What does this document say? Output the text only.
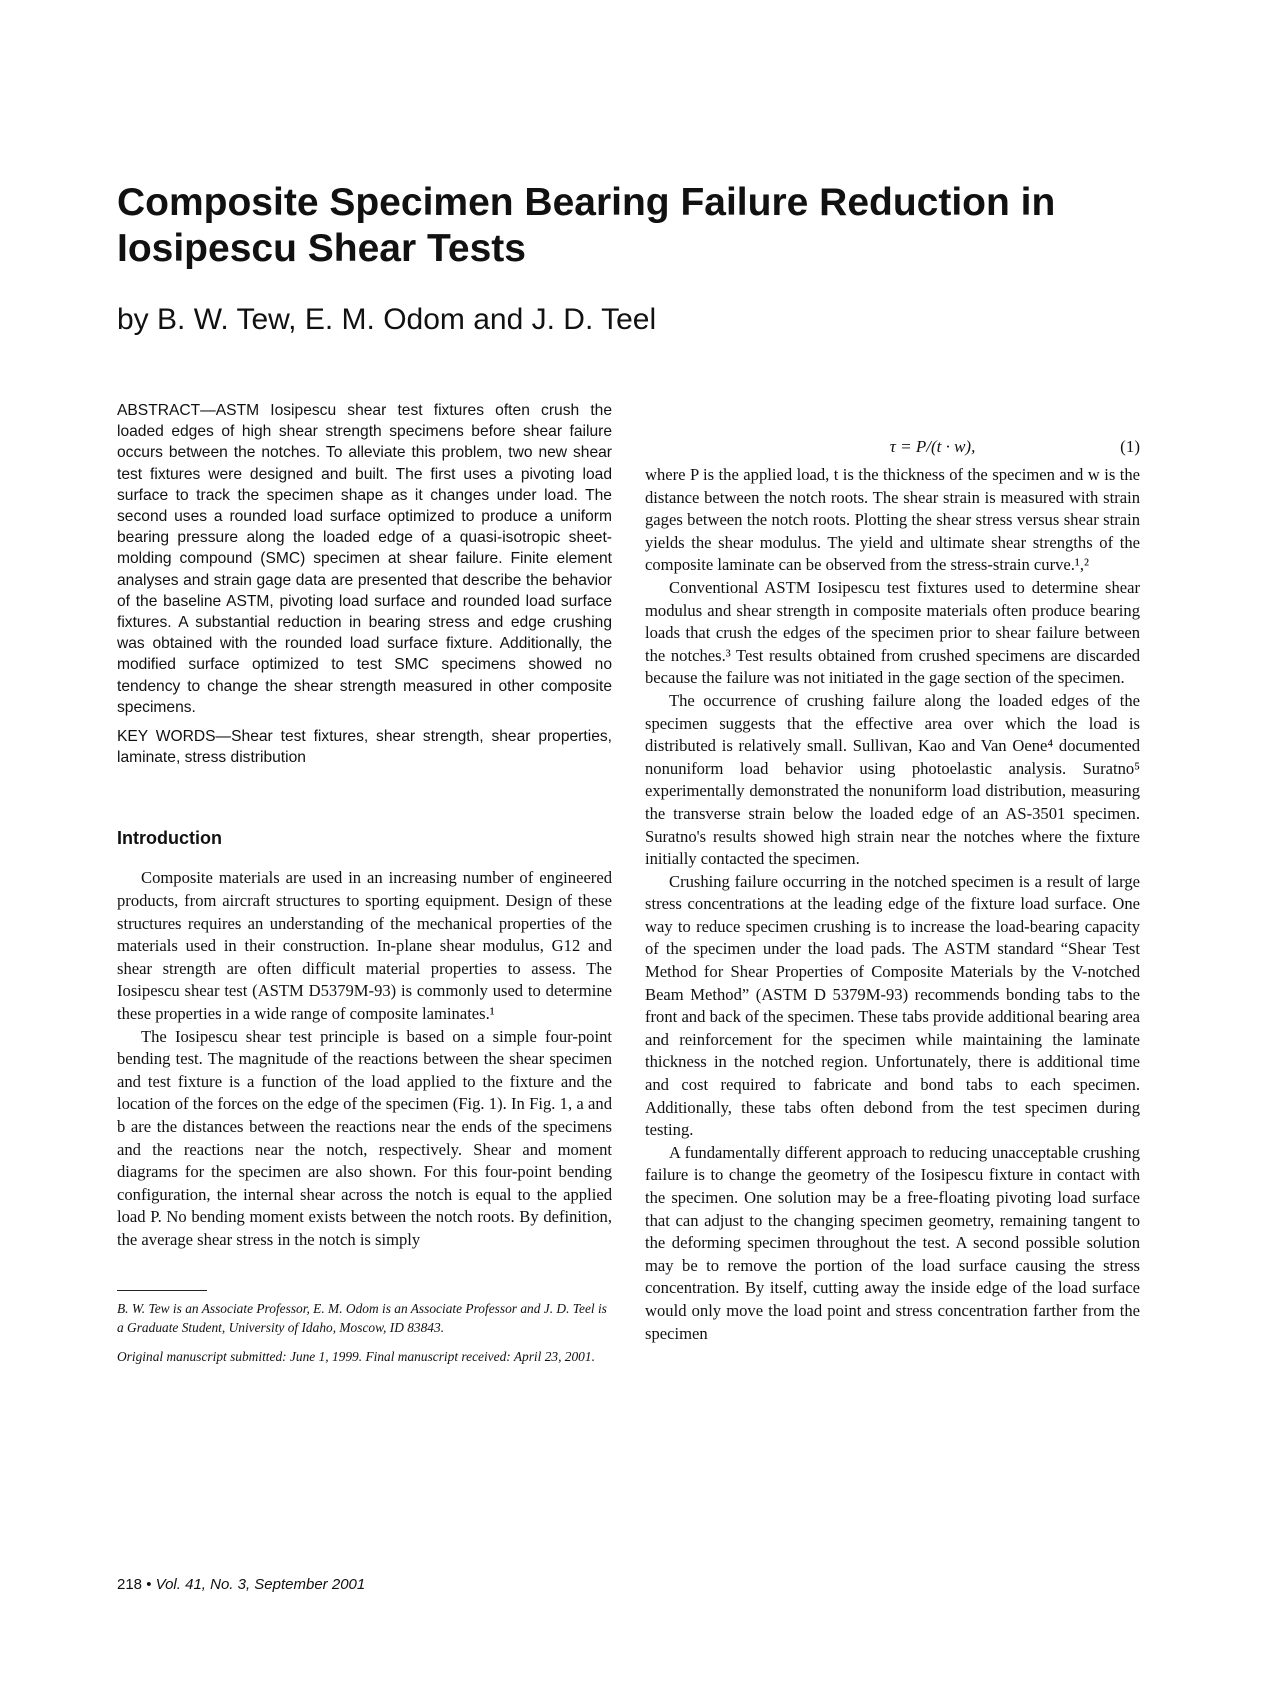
Composite Specimen Bearing Failure Reduction in Iosipescu Shear Tests
by B. W. Tew, E. M. Odom and J. D. Teel

ABSTRACT—ASTM Iosipescu shear test fixtures often crush the loaded edges of high shear strength specimens before shear failure occurs between the notches. To alleviate this problem, two new shear test fixtures were designed and built. The first uses a pivoting load surface to track the specimen shape as it changes under load. The second uses a rounded load surface optimized to produce a uniform bearing pressure along the loaded edge of a quasi-isotropic sheet-molding compound (SMC) specimen at shear failure. Finite element analyses and strain gage data are presented that describe the behavior of the baseline ASTM, pivoting load surface and rounded load surface fixtures. A substantial reduction in bearing stress and edge crushing was obtained with the rounded load surface fixture. Additionally, the modified surface optimized to test SMC specimens showed no tendency to change the shear strength measured in other composite specimens.

KEY WORDS—Shear test fixtures, shear strength, shear properties, laminate, stress distribution

Introduction

Composite materials are used in an increasing number of engineered products, from aircraft structures to sporting equipment. Design of these structures requires an understanding of the mechanical properties of the materials used in their construction. In-plane shear modulus, G12 and shear strength are often difficult material properties to assess. The Iosipescu shear test (ASTM D5379M-93) is commonly used to determine these properties in a wide range of composite laminates.¹

The Iosipescu shear test principle is based on a simple four-point bending test. The magnitude of the reactions between the shear specimen and test fixture is a function of the load applied to the fixture and the location of the forces on the edge of the specimen (Fig. 1). In Fig. 1, a and b are the distances between the reactions near the ends of the specimens and the reactions near the notch, respectively. Shear and moment diagrams for the specimen are also shown. For this four-point bending configuration, the internal shear across the notch is equal to the applied load P. No bending moment exists between the notch roots. By definition, the average shear stress in the notch is simply

B. W. Tew is an Associate Professor, E. M. Odom is an Associate Professor and J. D. Teel is a Graduate Student, University of Idaho, Moscow, ID 83843.

Original manuscript submitted: June 1, 1999. Final manuscript received: April 23, 2001.

τ = P/(t · w),	(1)

where P is the applied load, t is the thickness of the specimen and w is the distance between the notch roots. The shear strain is measured with strain gages between the notch roots. Plotting the shear stress versus shear strain yields the shear modulus. The yield and ultimate shear strengths of the composite laminate can be observed from the stress-strain curve.¹,²

Conventional ASTM Iosipescu test fixtures used to determine shear modulus and shear strength in composite materials often produce bearing loads that crush the edges of the specimen prior to shear failure between the notches.³ Test results obtained from crushed specimens are discarded because the failure was not initiated in the gage section of the specimen.

The occurrence of crushing failure along the loaded edges of the specimen suggests that the effective area over which the load is distributed is relatively small. Sullivan, Kao and Van Oene⁴ documented nonuniform load behavior using photoelastic analysis. Suratno⁵ experimentally demonstrated the nonuniform load distribution, measuring the transverse strain below the loaded edge of an AS-3501 specimen. Suratno's results showed high strain near the notches where the fixture initially contacted the specimen.

Crushing failure occurring in the notched specimen is a result of large stress concentrations at the leading edge of the fixture load surface. One way to reduce specimen crushing is to increase the load-bearing capacity of the specimen under the load pads. The ASTM standard “Shear Test Method for Shear Properties of Composite Materials by the V-notched Beam Method” (ASTM D 5379M-93) recommends bonding tabs to the front and back of the specimen. These tabs provide additional bearing area and reinforcement for the specimen while maintaining the laminate thickness in the notched region. Unfortunately, there is additional time and cost required to fabricate and bond tabs to each specimen. Additionally, these tabs often debond from the test specimen during testing.

A fundamentally different approach to reducing unacceptable crushing failure is to change the geometry of the Iosipescu fixture in contact with the specimen. One solution may be a free-floating pivoting load surface that can adjust to the changing specimen geometry, remaining tangent to the deforming specimen throughout the test. A second possible solution may be to remove the portion of the load surface causing the stress concentration. By itself, cutting away the inside edge of the load surface would only move the load point and stress concentration farther from the specimen

218 • Vol. 41, No. 3, September 2001
